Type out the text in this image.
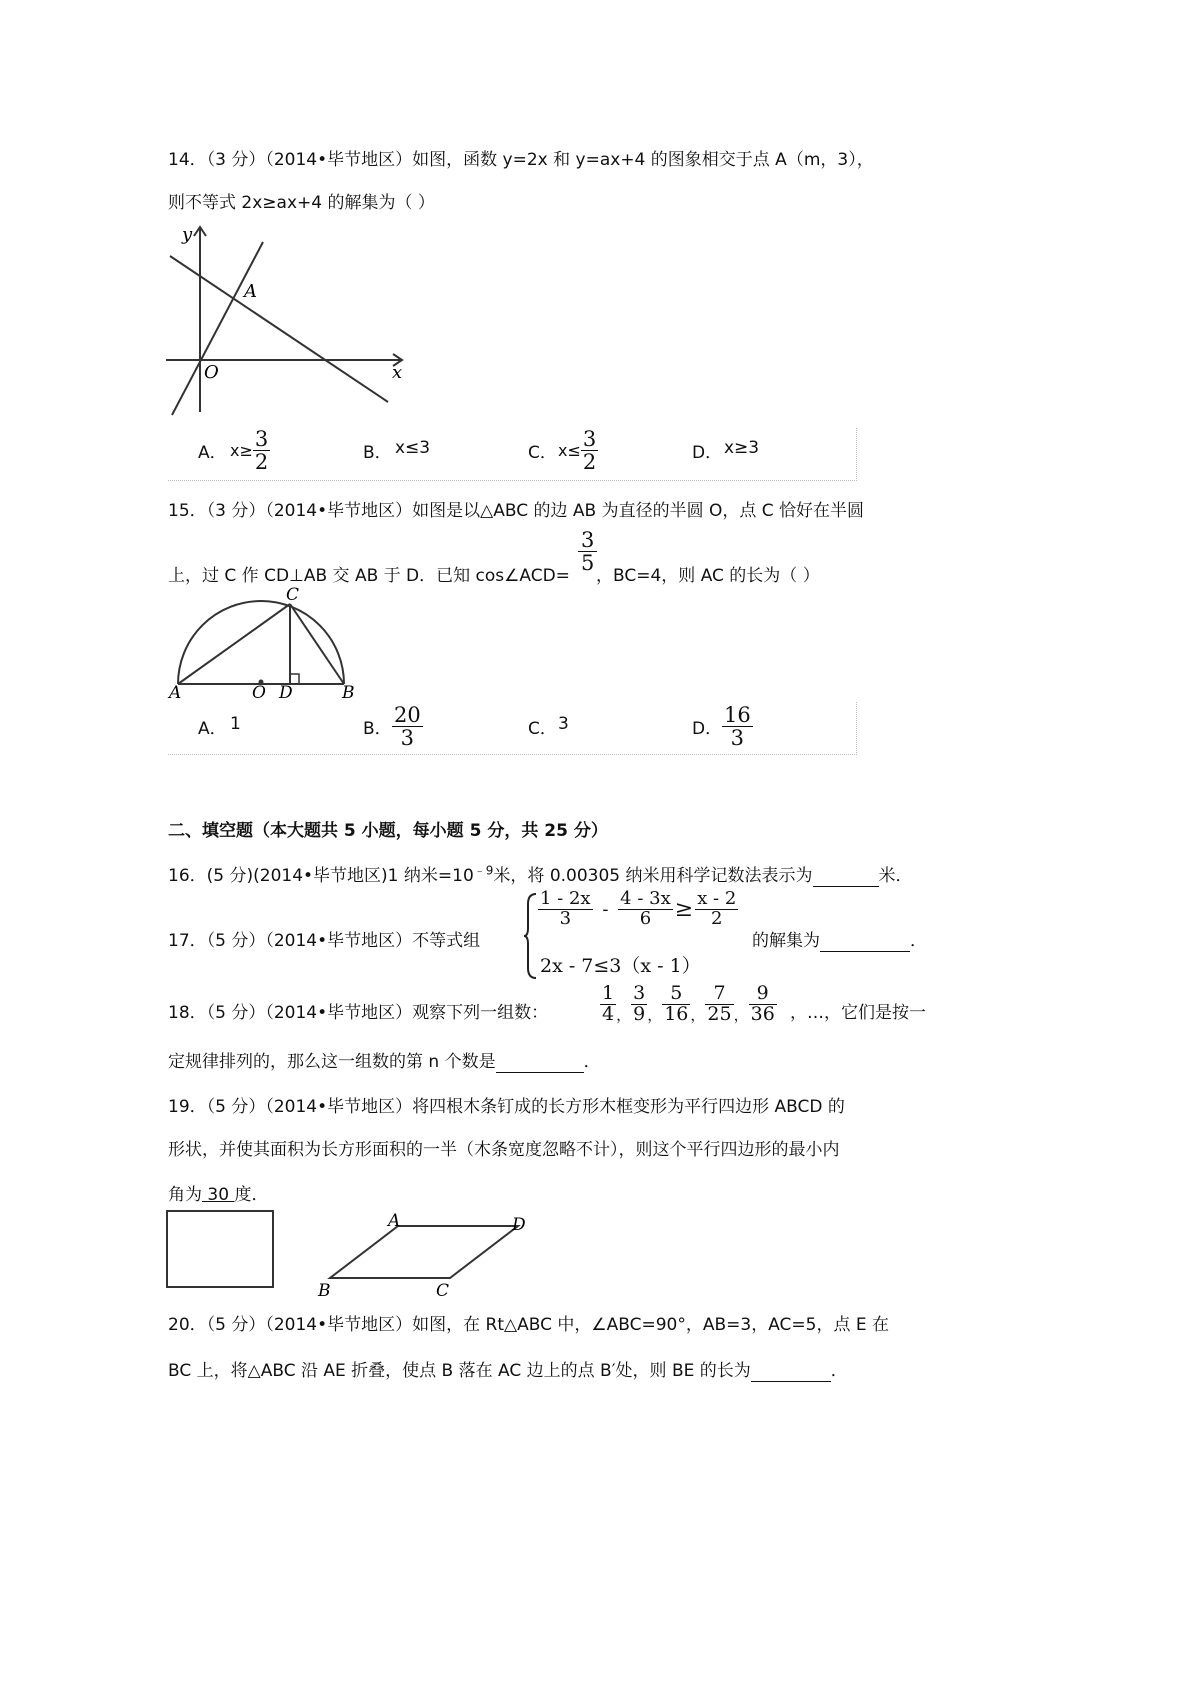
14．（3 分）（2014•毕节地区）如图，函数 y=2x 和 y=ax+4 的图象相交于点 A（m，3），
则不等式 2x≥ax+4 的解集为（ ）
y
x
O
A
A． $x\ge \frac{3}{2}$	B． x≤3	C． $x\le \frac{3}{2}$	D． x≥3
15．（3 分）（2014•毕节地区）如图是以△ABC 的边 AB 为直径的半圆 O，点 C 恰好在半圆
上，过 C 作 CD⊥AB 交 AB 于 D．已知 cos∠ACD=
$\frac{3}{5}$
，BC=4，则 AC 的长为（ ）
A	O D	B
C
A． 1	B． $\frac{20}{3}$	C． 3	D． $\frac{16}{3}$
二、填空题（本大题共 5 小题，每小题 5 分，共 25 分）
16．(5 分)(2014•毕节地区)1 纳米$=10^{﹣9}$米，将 0.00305 纳米用科学记数法表示为	米．
17．（5 分）（2014•毕节地区）不等式组
$\frac{1 - 2x}{3} - \frac{4 - 3x}{6} \ge \frac{x - 2}{2}$
2x - 7≤3（x - 1）
的解集为	．
18．（5 分）（2014•毕节地区）观察下列一组数：	$\frac{1}{4}$ ， $\frac{3}{9}$ ， $\frac{5}{16}$ ， $\frac{7}{25}$ ， $\frac{9}{36}$ ，…，它们是按一
定规律排列的，那么这一组数的第 n 个数是	．
19．（5 分）（2014•毕节地区）将四根木条钉成的长方形木框变形为平行四边形 ABCD 的
形状，并使其面积为长方形面积的一半（木条宽度忽略不计），则这个平行四边形的最小内
角为 30 度．
A	D
B	C
20．（5 分）（2014•毕节地区）如图，在 Rt△ABC 中，∠ABC=90°，AB=3，AC=5，点 E 在
BC 上，将△ABC 沿 AE 折叠，使点 B 落在 AC 边上的点 B′处，则 BE 的长为	．
